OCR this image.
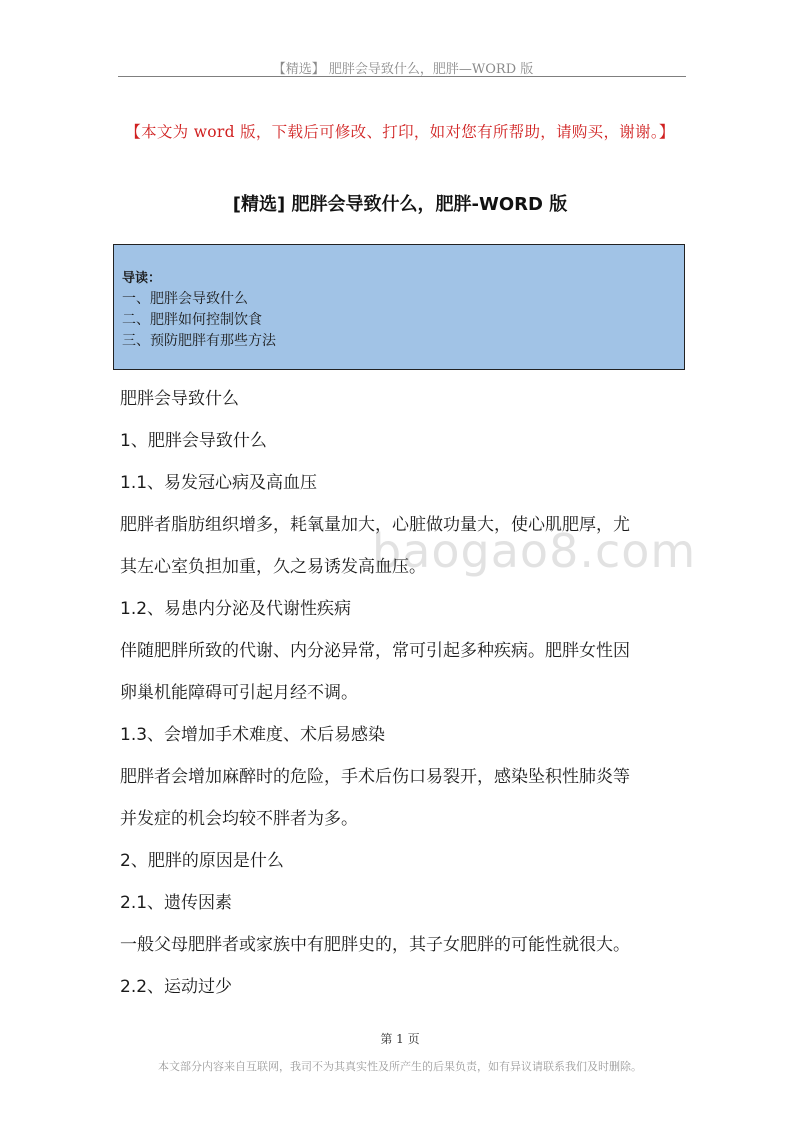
【精选】 肥胖会导致什么，肥胖—WORD 版
【本文为 word 版，下载后可修改、打印，如对您有所帮助，请购买，谢谢。】
[精选] 肥胖会导致什么，肥胖-WORD 版
导读：
一、肥胖会导致什么
二、肥胖如何控制饮食
三、预防肥胖有那些方法
baogao8.com

肥胖会导致什么

1、肥胖会导致什么

1.1、易发冠心病及高血压

肥胖者脂肪组织增多，耗氧量加大，心脏做功量大，使心肌肥厚，尤

其左心室负担加重，久之易诱发高血压。

1.2、易患内分泌及代谢性疾病

伴随肥胖所致的代谢、内分泌异常，常可引起多种疾病。肥胖女性因

卵巢机能障碍可引起月经不调。

1.3、会增加手术难度、术后易感染

肥胖者会增加麻醉时的危险，手术后伤口易裂开，感染坠积性肺炎等

并发症的机会均较不胖者为多。

2、肥胖的原因是什么

2.1、遗传因素

一般父母肥胖者或家族中有肥胖史的，其子女肥胖的可能性就很大。

2.2、运动过少

第 1 页
本文部分内容来自互联网，我司不为其真实性及所产生的后果负责，如有异议请联系我们及时删除。
